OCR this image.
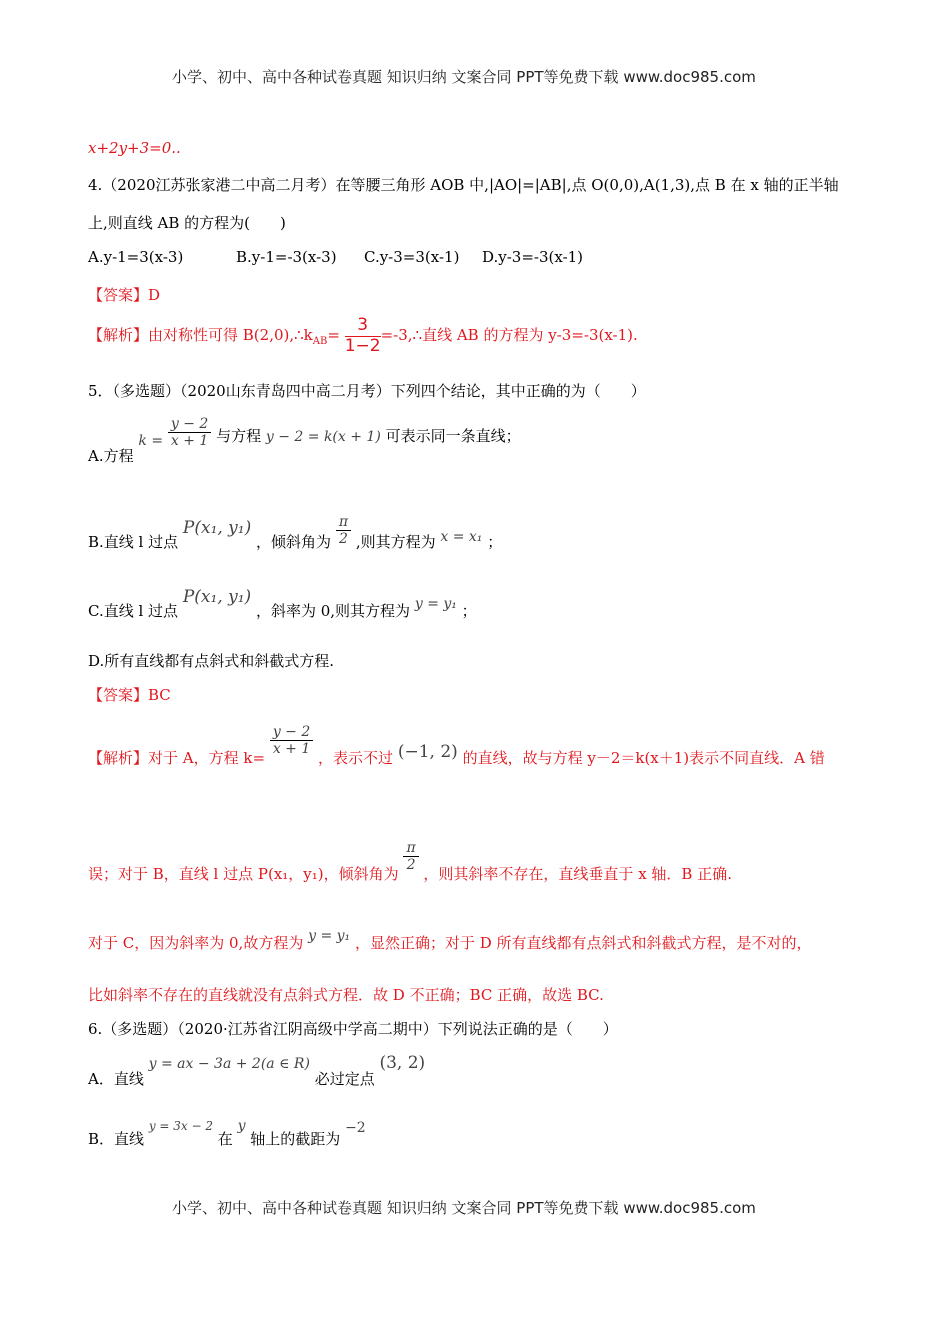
小学、初中、高中各种试卷真题 知识归纳 文案合同 PPT等免费下载 www.doc985.com
x+2y+3=0..
4.（2020江苏张家港二中高二月考）在等腰三角形 AOB 中,|AO|=|AB|,点 O(0,0),A(1,3),点 B 在 x 轴的正半轴
上,则直线 AB 的方程为(　　)
A.y-1=3(x-3)	B.y-1=-3(x-3) C.y-3=3(x-1) D.y-3=-3(x-1)
【答案】D
【解析】由对称性可得 $B(2,0),\therefore k_{AB}= \frac{3}{1-2}$ =-3,∴直线 AB 的方程为 y-3=-3(x-1).
5．（多选题）（2020山东青岛四中高二月考）下列四个结论，其中正确的为（　　）
A.方程 $k = \frac{y - 2}{x + 1}$ 与方程 y − 2 = k(x + 1) 可表示同一条直线；
B.直线 l 过点 P(x₁, y₁) ，倾斜角为 $\frac{\pi}{2}$ ,则其方程为 x = x₁ ；
C.直线 l 过点 P(x₁, y₁) ，斜率为 0,则其方程为 y = y₁ ；
D.所有直线都有点斜式和斜截式方程.
【答案】BC
【解析】对于 A，方程 k=
$\frac{y - 2}{x + 1}$
，表示不过 (−1, 2) 的直线，故与方程 y－2＝k(x＋1)表示不同直线．A 错
误；对于 B，直线 l 过点 P(x₁，y₁)，倾斜角为
$\frac{\pi}{2}$
，则其斜率不存在，直线垂直于 x 轴．B 正确.
对于 C，因为斜率为 0,故方程为 y = y₁ ，显然正确；对于 D 所有直线都有点斜式和斜截式方程，是不对的，
比如斜率不存在的直线就没有点斜式方程．故 D 不正确；BC 正确，故选 BC.
6.（多选题）（2020·江苏省江阴高级中学高二期中）下列说法正确的是（　　）
A．直线 y = ax − 3a + 2(a ∈ R) 必过定点 (3, 2)
B．直线 y = 3x − 2 在 y 轴上的截距为 −2
小学、初中、高中各种试卷真题 知识归纳 文案合同 PPT等免费下载 www.doc985.com
